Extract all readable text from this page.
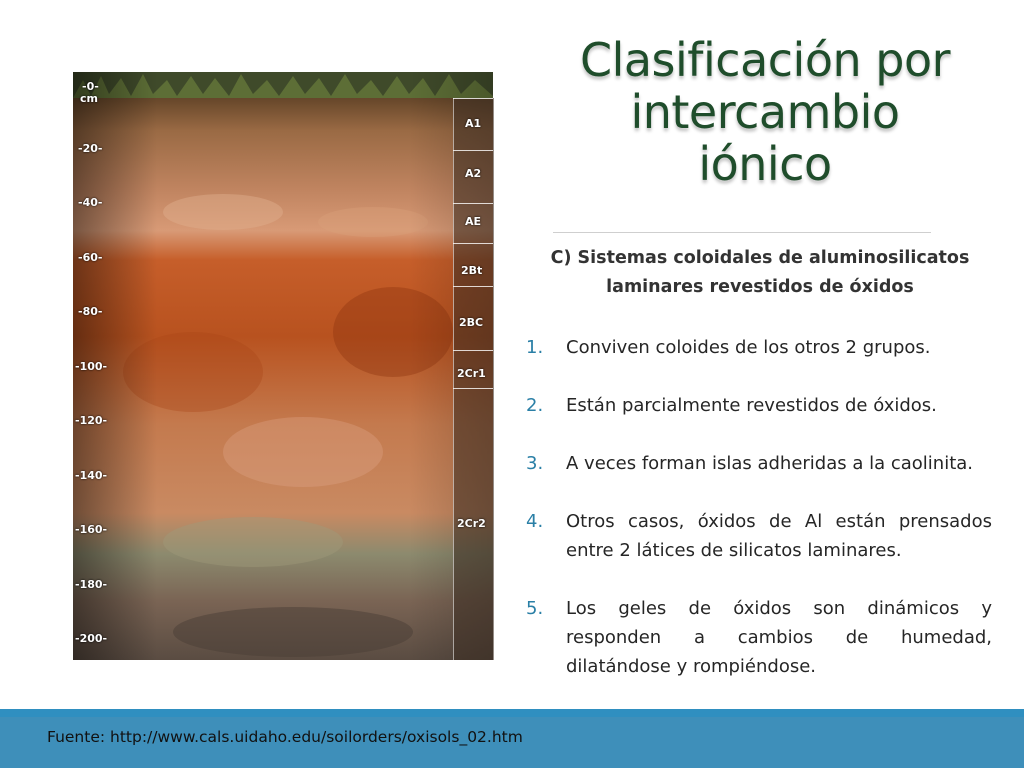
-0-
cm
-20-
-40-
-60-
-80-
-100-
-120-
-140-
-160-
-180-
-200-
A1
A2
AE
2Bt
2BC
2Cr1
2Cr2
Clasificación por
intercambio
iónico
C) Sistemas coloidales de aluminosilicatos
laminares revestidos de óxidos
1. Conviven coloides de los otros 2 grupos.
2. Están parcialmente revestidos de óxidos.
3. A veces forman islas adheridas a la caolinita.
4. Otros casos, óxidos de Al están prensados entre 2 látices de silicatos laminares.
5. Los geles de óxidos son dinámicos y responden a cambios de humedad, dilatándose y rompiéndose.
Fuente: http://www.cals.uidaho.edu/soilorders/oxisols_02.htm
